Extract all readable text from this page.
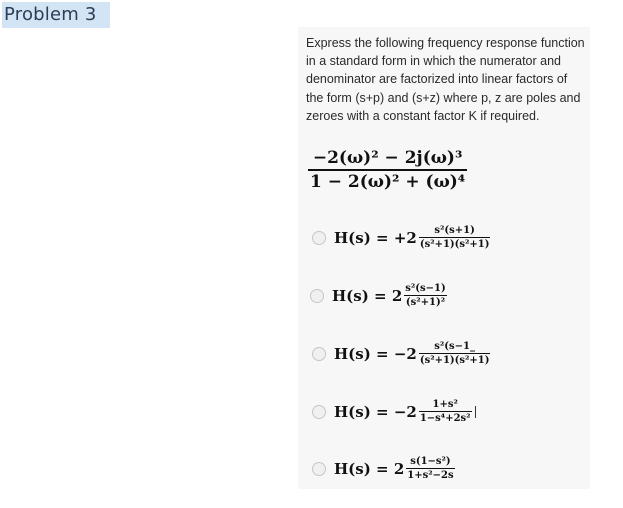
Problem 3
Express the following frequency response function in a standard form in which the numerator and denominator are factorized into linear factors of the form (s+p) and (s+z) where p, z are poles and zeroes with a constant factor K if required.
−2(ω)² − 2j(ω)³
1 − 2(ω)² + (ω)⁴
$H(s) = +2 \frac{\text{s²(s+1)}}{\text{(s²+1)(s²+1)}}$
$H(s) = 2 \frac{\text{s²(s−1)}}{\text{(s²+1)²}}$
$H(s) = -2 \frac{\text{s²(s−1\_}}{\text{(s²+1)(s²+1)}}$
$H(s) = -2 \frac{\text{1+s²}}{\text{1−s⁴+2s²}}$
$H(s) = 2 \frac{\text{s(1−s²)}}{\text{1+s²−2s}}$
